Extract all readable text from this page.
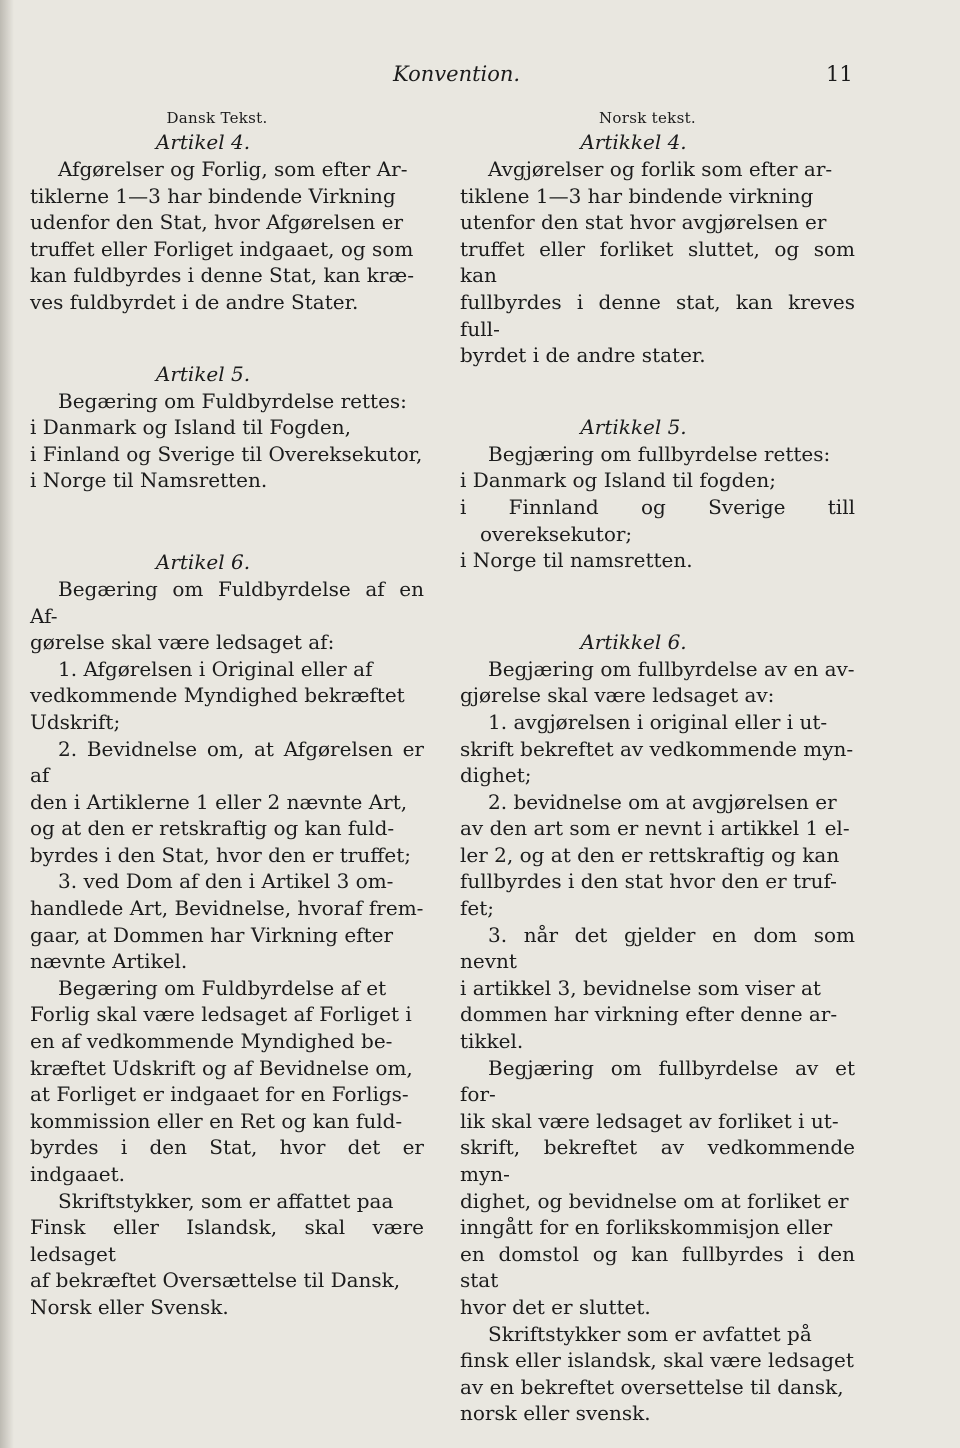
Konvention.	11
Dansk Tekst.
Artikel 4.
Afgørelser og Forlig, som efter Ar-
tiklerne 1—3 har bindende Virkning
udenfor den Stat, hvor Afgørelsen er
truffet eller Forliget indgaaet, og som
kan fuldbyrdes i denne Stat, kan kræ-
ves fuldbyrdet i de andre Stater.
Artikel 5.
Begæring om Fuldbyrdelse rettes:
i Danmark og Island til Fogden,
i Finland og Sverige til Overeksekutor,
i Norge til Namsretten.
Artikel 6.
Begæring om Fuldbyrdelse af en Af-
gørelse skal være ledsaget af:
1. Afgørelsen i Original eller af
vedkommende Myndighed bekræftet
Udskrift;
2. Bevidnelse om, at Afgørelsen er af
den i Artiklerne 1 eller 2 nævnte Art,
og at den er retskraftig og kan fuld-
byrdes i den Stat, hvor den er truffet;
3. ved Dom af den i Artikel 3 om-
handlede Art, Bevidnelse, hvoraf frem-
gaar, at Dommen har Virkning efter
nævnte Artikel.
Begæring om Fuldbyrdelse af et
Forlig skal være ledsaget af Forliget i
en af vedkommende Myndighed be-
kræftet Udskrift og af Bevidnelse om,
at Forliget er indgaaet for en Forligs-
kommission eller en Ret og kan fuld-
byrdes i den Stat, hvor det er indgaaet.
Skriftstykker, som er affattet paa
Finsk eller Islandsk, skal være ledsaget
af bekræftet Oversættelse til Dansk,
Norsk eller Svensk.
Norsk tekst.
Artikkel 4.
Avgjørelser og forlik som efter ar-
tiklene 1—3 har bindende virkning
utenfor den stat hvor avgjørelsen er
truffet eller forliket sluttet, og som kan
fullbyrdes i denne stat, kan kreves full-
byrdet i de andre stater.
Artikkel 5.
Begjæring om fullbyrdelse rettes:
i Danmark og Island til fogden;
i Finnland og Sverige till overeksekutor;
i Norge til namsretten.
Artikkel 6.
Begjæring om fullbyrdelse av en av-
gjørelse skal være ledsaget av:
1. avgjørelsen i original eller i ut-
skrift bekreftet av vedkommende myn-
dighet;
2. bevidnelse om at avgjørelsen er
av den art som er nevnt i artikkel 1 el-
ler 2, og at den er rettskraftig og kan
fullbyrdes i den stat hvor den er truf-
fet;
3. når det gjelder en dom som nevnt
i artikkel 3, bevidnelse som viser at
dommen har virkning efter denne ar-
tikkel.
Begjæring om fullbyrdelse av et for-
lik skal være ledsaget av forliket i ut-
skrift, bekreftet av vedkommende myn-
dighet, og bevidnelse om at forliket er
inngått for en forlikskommisjon eller
en domstol og kan fullbyrdes i den stat
hvor det er sluttet.
Skriftstykker som er avfattet på
finsk eller islandsk, skal være ledsaget
av en bekreftet oversettelse til dansk,
norsk eller svensk.
